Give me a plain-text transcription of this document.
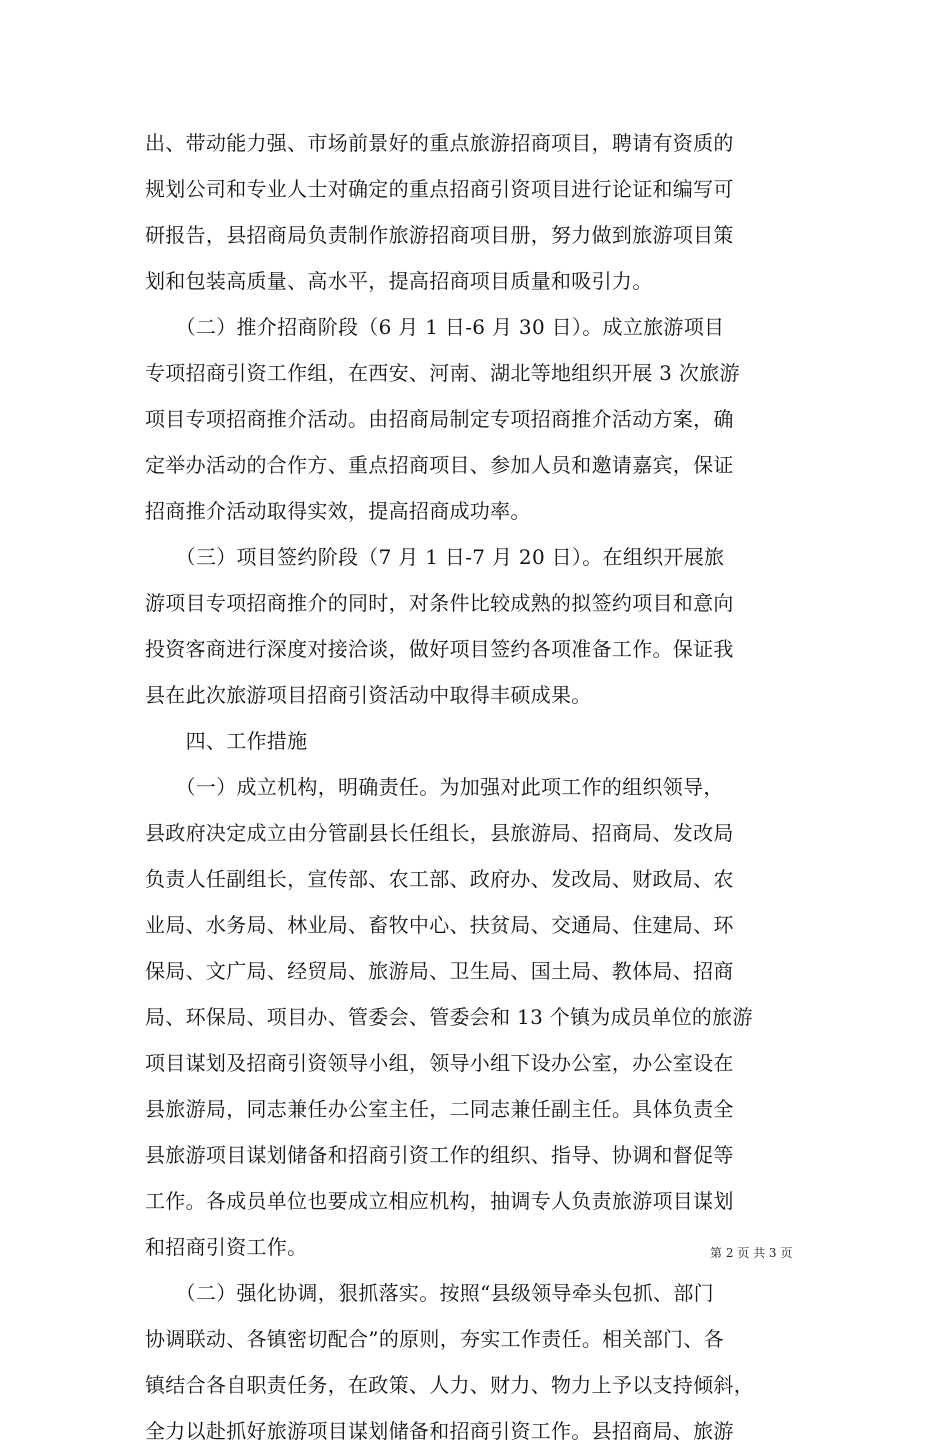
出、带动能力强、市场前景好的重点旅游招商项目，聘请有资质的
规划公司和专业人士对确定的重点招商引资项目进行论证和编写可
研报告，县招商局负责制作旅游招商项目册，努力做到旅游项目策
划和包装高质量、高水平，提高招商项目质量和吸引力。
　　（二）推介招商阶段（6 月 1 日-6 月 30 日）。成立旅游项目
专项招商引资工作组，在西安、河南、湖北等地组织开展 3 次旅游
项目专项招商推介活动。由招商局制定专项招商推介活动方案，确
定举办活动的合作方、重点招商项目、参加人员和邀请嘉宾，保证
招商推介活动取得实效，提高招商成功率。
　　（三）项目签约阶段（7 月 1 日-7 月 20 日）。在组织开展旅
游项目专项招商推介的同时，对条件比较成熟的拟签约项目和意向
投资客商进行深度对接洽谈，做好项目签约各项准备工作。保证我
县在此次旅游项目招商引资活动中取得丰硕成果。
　　四、工作措施
　　（一）成立机构，明确责任。为加强对此项工作的组织领导，
县政府决定成立由分管副县长任组长，县旅游局、招商局、发改局
负责人任副组长，宣传部、农工部、政府办、发改局、财政局、农
业局、水务局、林业局、畜牧中心、扶贫局、交通局、住建局、环
保局、文广局、经贸局、旅游局、卫生局、国土局、教体局、招商
局、环保局、项目办、管委会、管委会和 13 个镇为成员单位的旅游
项目谋划及招商引资领导小组，领导小组下设办公室，办公室设在
县旅游局，同志兼任办公室主任，二同志兼任副主任。具体负责全
县旅游项目谋划储备和招商引资工作的组织、指导、协调和督促等
工作。各成员单位也要成立相应机构，抽调专人负责旅游项目谋划
和招商引资工作。
　　（二）强化协调，狠抓落实。按照“县级领导牵头包抓、部门
协调联动、各镇密切配合”的原则，夯实工作责任。相关部门、各
镇结合各自职责任务，在政策、人力、财力、物力上予以支持倾斜，
全力以赴抓好旅游项目谋划储备和招商引资工作。县招商局、旅游
第 2 页 共 3 页
